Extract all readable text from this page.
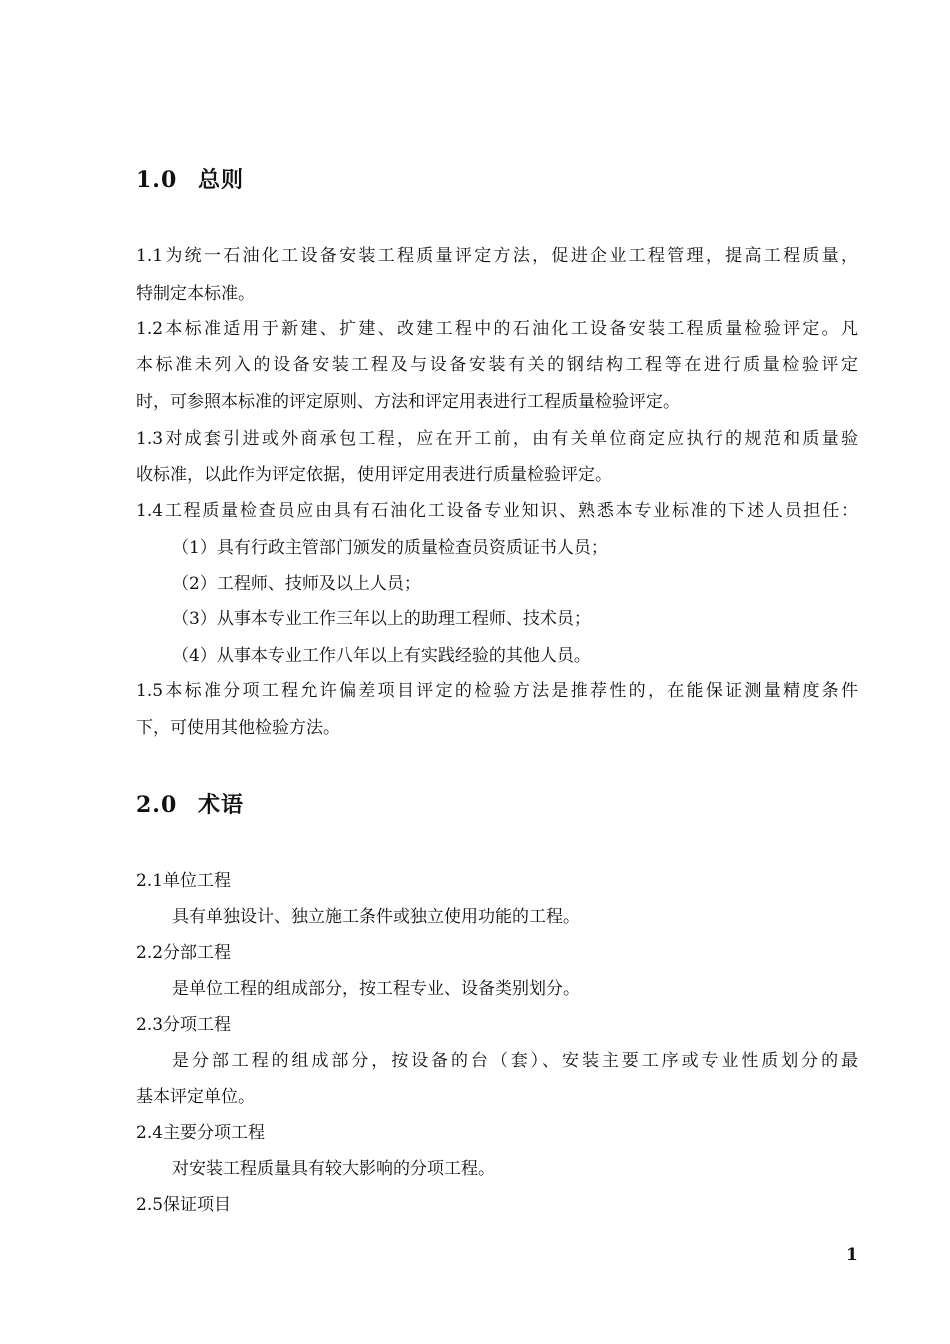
1.0 总则
1.1为统一石油化工设备安装工程质量评定方法，促进企业工程管理，提高工程质量，
特制定本标准。
1.2本标准适用于新建、扩建、改建工程中的石油化工设备安装工程质量检验评定。凡
本标准未列入的设备安装工程及与设备安装有关的钢结构工程等在进行质量检验评定
时，可参照本标准的评定原则、方法和评定用表进行工程质量检验评定。
1.3对成套引进或外商承包工程，应在开工前，由有关单位商定应执行的规范和质量验
收标准，以此作为评定依据，使用评定用表进行质量检验评定。
1.4工程质量检查员应由具有石油化工设备专业知识、熟悉本专业标准的下述人员担任：
（1）具有行政主管部门颁发的质量检查员资质证书人员；
（2）工程师、技师及以上人员；
（3）从事本专业工作三年以上的助理工程师、技术员；
（4）从事本专业工作八年以上有实践经验的其他人员。
1.5本标准分项工程允许偏差项目评定的检验方法是推荐性的，在能保证测量精度条件
下，可使用其他检验方法。
2.0 术语
2.1单位工程
具有单独设计、独立施工条件或独立使用功能的工程。
2.2分部工程
是单位工程的组成部分，按工程专业、设备类别划分。
2.3分项工程
是分部工程的组成部分，按设备的台（套）、安装主要工序或专业性质划分的最
基本评定单位。
2.4主要分项工程
对安装工程质量具有较大影响的分项工程。
2.5保证项目
1
